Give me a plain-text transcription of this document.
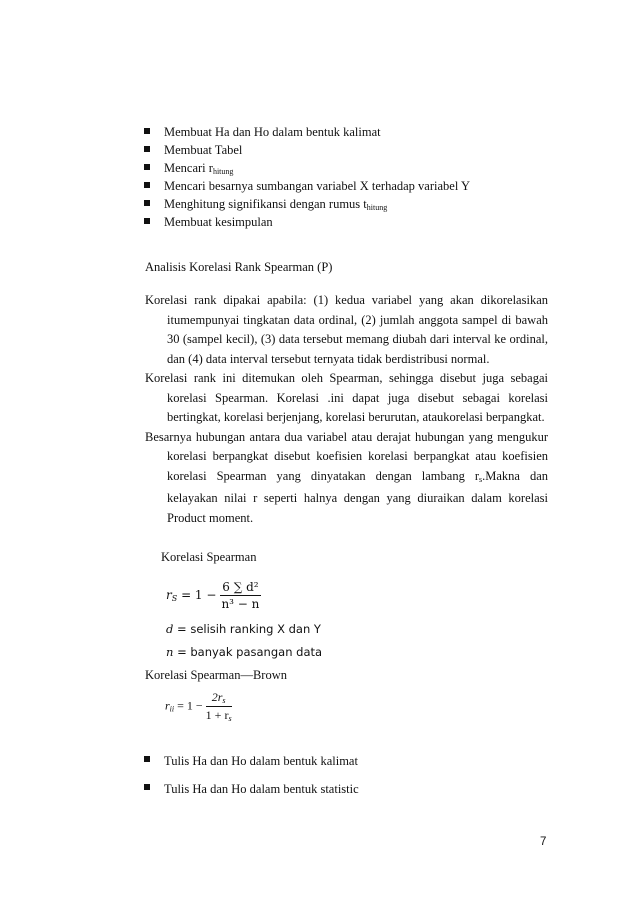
Membuat Ha dan Ho dalam bentuk kalimat
Membuat Tabel
Mencari $r_{hitung}$
Mencari besarnya sumbangan variabel X terhadap variabel Y
Menghitung signifikansi dengan rumus $t_{hitung}$
Membuat kesimpulan
Analisis Korelasi Rank Spearman (P)

Korelasi rank dipakai apabila: (1) kedua variabel yang akan dikorelasikan itumempunyai tingkatan data ordinal, (2) jumlah anggota sampel di bawah 30 (sampel kecil), (3) data tersebut memang diubah dari interval ke ordinal, dan (4) data interval tersebut ternyata tidak berdistribusi normal.

Korelasi rank ini ditemukan oleh Spearman, sehingga disebut juga sebagai korelasi Spearman. Korelasi .ini dapat juga disebut sebagai korelasi bertingkat, korelasi berjenjang, korelasi berurutan, ataukorelasi berpangkat.

Besarnya hubungan antara dua variabel atau derajat hubungan yang mengukur korelasi berpangkat disebut koefisien korelasi berpangkat atau koefisien korelasi Spearman yang dinyatakan dengan lambang $r_s.Makna$ dan kelayakan nilai r seperti halnya dengan yang diuraikan dalam korelasi Product moment.

Korelasi Spearman
$r_S = 1 - \frac{\text{6 ∑ d²}}{\text{n³ − n}}$
d = selisih ranking X dan Y
n = banyak pasangan data
Korelasi Spearman—Brown
$r_{ii} = 1 - \frac{2r_s}{1 + r_s}$
Tulis Ha dan Ho dalam bentuk kalimat
Tulis Ha dan Ho dalam bentuk statistic
7
